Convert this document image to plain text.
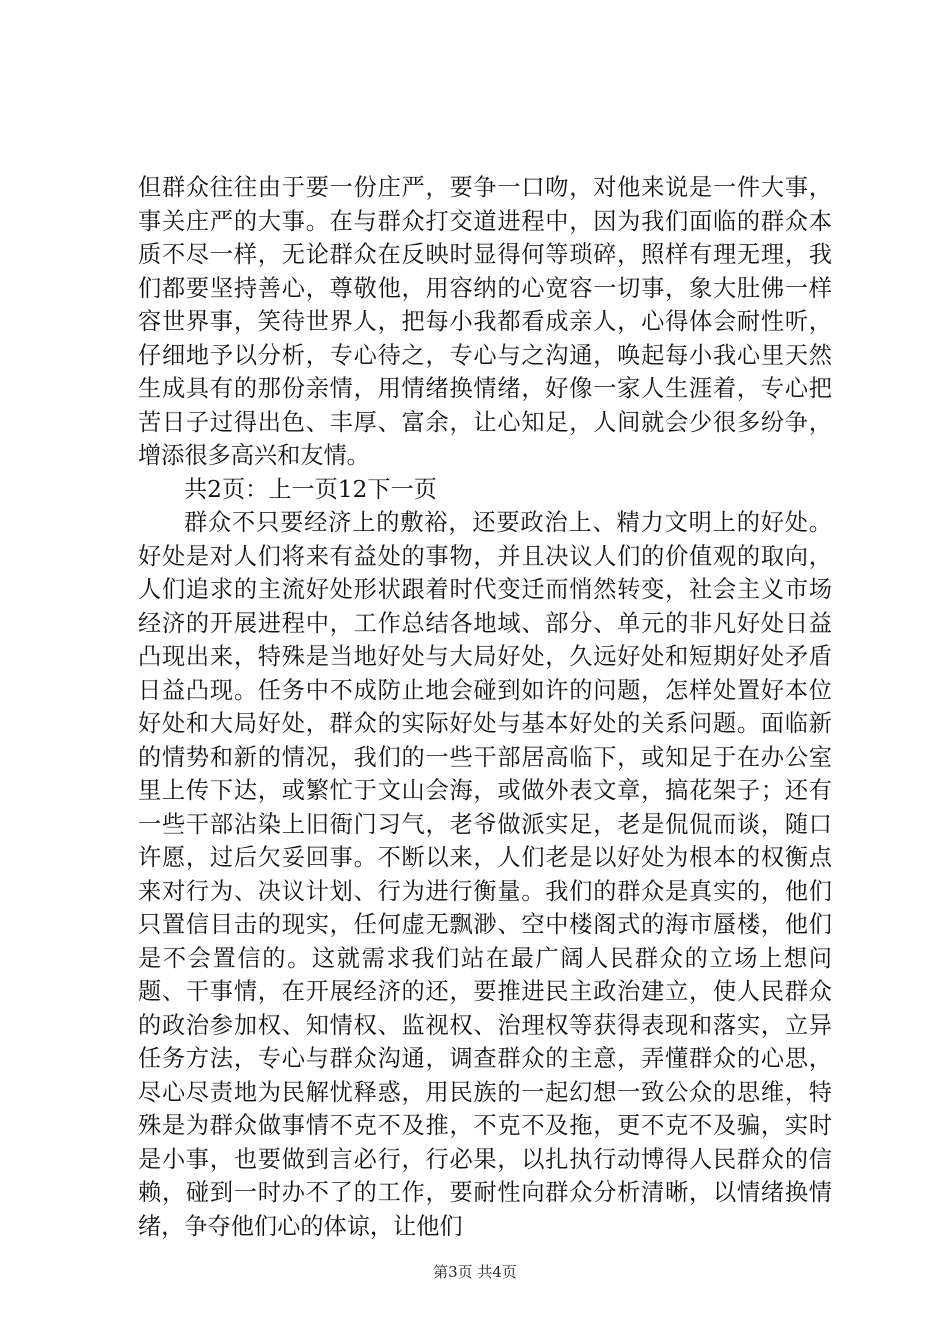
但群众往往由于要一份庄严，要争一口吻，对他来说是一件大事，事关庄严的大事。在与群众打交道进程中，因为我们面临的群众本质不尽一样，无论群众在反映时显得何等琐碎，照样有理无理，我们都要坚持善心，尊敬他，用容纳的心宽容一切事，象大肚佛一样容世界事，笑待世界人，把每小我都看成亲人，心得体会耐性听，仔细地予以分析，专心待之，专心与之沟通，唤起每小我心里天然生成具有的那份亲情，用情绪换情绪，好像一家人生涯着，专心把苦日子过得出色、丰厚、富余，让心知足，人间就会少很多纷争，增添很多高兴和友情。

共2页：上一页12下一页

群众不只要经济上的敷裕，还要政治上、精力文明上的好处。好处是对人们将来有益处的事物，并且决议人们的价值观的取向，人们追求的主流好处形状跟着时代变迁而悄然转变，社会主义市场经济的开展进程中，工作总结各地域、部分、单元的非凡好处日益凸现出来，特殊是当地好处与大局好处，久远好处和短期好处矛盾日益凸现。任务中不成防止地会碰到如许的问题，怎样处置好本位好处和大局好处，群众的实际好处与基本好处的关系问题。面临新的情势和新的情况，我们的一些干部居高临下，或知足于在办公室里上传下达，或繁忙于文山会海，或做外表文章，搞花架子；还有一些干部沾染上旧衙门习气，老爷做派实足，老是侃侃而谈，随口许愿，过后欠妥回事。不断以来，人们老是以好处为根本的权衡点来对行为、决议计划、行为进行衡量。我们的群众是真实的，他们只置信目击的现实，任何虚无飘渺、空中楼阁式的海市蜃楼，他们是不会置信的。这就需求我们站在最广阔人民群众的立场上想问题、干事情，在开展经济的还，要推进民主政治建立，使人民群众的政治参加权、知情权、监视权、治理权等获得表现和落实，立异任务方法，专心与群众沟通，调查群众的主意，弄懂群众的心思，尽心尽责地为民解忧释惑，用民族的一起幻想一致公众的思维，特殊是为群众做事情不克不及推，不克不及拖，更不克不及骗，实时是小事，也要做到言必行，行必果，以扎执行动博得人民群众的信赖，碰到一时办不了的工作，要耐性向群众分析清晰，以情绪换情绪，争夺他们心的体谅，让他们

第3页 共4页
